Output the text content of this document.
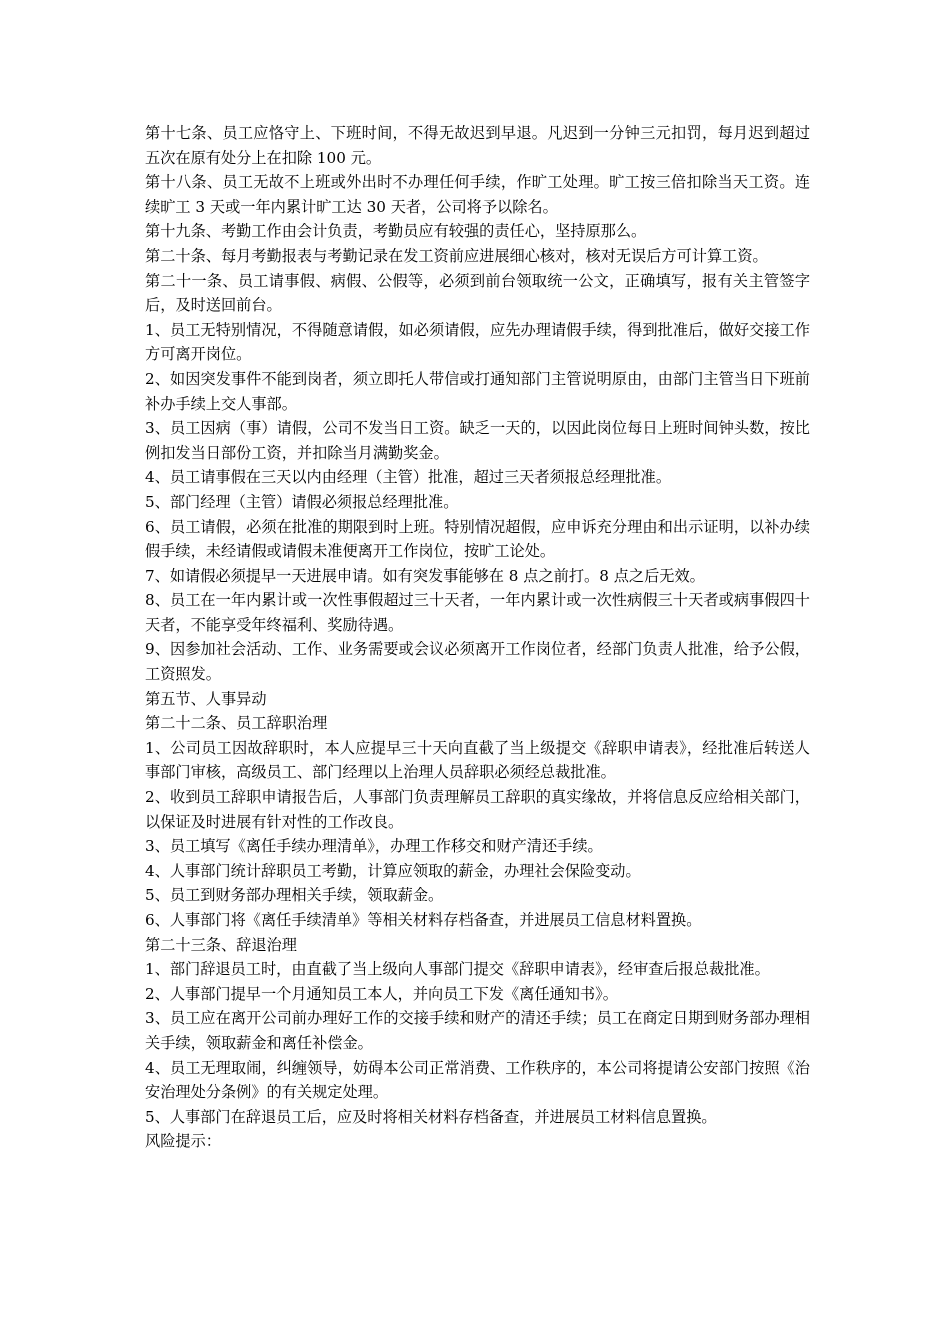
第十七条、员工应恪守上、下班时间，不得无故迟到早退。凡迟到一分钟三元扣罚，每月迟到超过五次在原有处分上在扣除 100 元。

第十八条、员工无故不上班或外出时不办理任何手续，作旷工处理。旷工按三倍扣除当天工资。连续旷工 3 天或一年内累计旷工达 30 天者，公司将予以除名。

第十九条、考勤工作由会计负责，考勤员应有较强的责任心，坚持原那么。

第二十条、每月考勤报表与考勤记录在发工资前应进展细心核对，核对无误后方可计算工资。

第二十一条、员工请事假、病假、公假等，必须到前台领取统一公文，正确填写，报有关主管签字后，及时送回前台。

1、员工无特别情况，不得随意请假，如必须请假，应先办理请假手续，得到批准后，做好交接工作方可离开岗位。

2、如因突发事件不能到岗者，须立即托人带信或打通知部门主管说明原由，由部门主管当日下班前补办手续上交人事部。

3、员工因病（事）请假，公司不发当日工资。缺乏一天的，以因此岗位每日上班时间钟头数，按比例扣发当日部份工资，并扣除当月满勤奖金。

4、员工请事假在三天以内由经理（主管）批准，超过三天者须报总经理批准。

5、部门经理（主管）请假必须报总经理批准。

6、员工请假，必须在批准的期限到时上班。特别情况超假，应申诉充分理由和出示证明，以补办续假手续，未经请假或请假未准便离开工作岗位，按旷工论处。

7、如请假必须提早一天进展申请。如有突发事能够在 8 点之前打。8 点之后无效。

8、员工在一年内累计或一次性事假超过三十天者，一年内累计或一次性病假三十天者或病事假四十天者，不能享受年终福利、奖励待遇。

9、因参加社会活动、工作、业务需要或会议必须离开工作岗位者，经部门负责人批准，给予公假，工资照发。

第五节、人事异动

第二十二条、员工辞职治理

1、公司员工因故辞职时，本人应提早三十天向直截了当上级提交《辞职申请表》，经批准后转送人事部门审核，高级员工、部门经理以上治理人员辞职必须经总裁批准。

2、收到员工辞职申请报告后，人事部门负责理解员工辞职的真实缘故，并将信息反应给相关部门，以保证及时进展有针对性的工作改良。

3、员工填写《离任手续办理清单》，办理工作移交和财产清还手续。

4、人事部门统计辞职员工考勤，计算应领取的薪金，办理社会保险变动。

5、员工到财务部办理相关手续，领取薪金。

6、人事部门将《离任手续清单》等相关材料存档备查，并进展员工信息材料置换。

第二十三条、辞退治理

1、部门辞退员工时，由直截了当上级向人事部门提交《辞职申请表》，经审查后报总裁批准。

2、人事部门提早一个月通知员工本人，并向员工下发《离任通知书》。

3、员工应在离开公司前办理好工作的交接手续和财产的清还手续；员工在商定日期到财务部办理相关手续，领取薪金和离任补偿金。

4、员工无理取闹，纠缠领导，妨碍本公司正常消费、工作秩序的，本公司将提请公安部门按照《治安治理处分条例》的有关规定处理。

5、人事部门在辞退员工后，应及时将相关材料存档备查，并进展员工材料信息置换。

风险提示：
